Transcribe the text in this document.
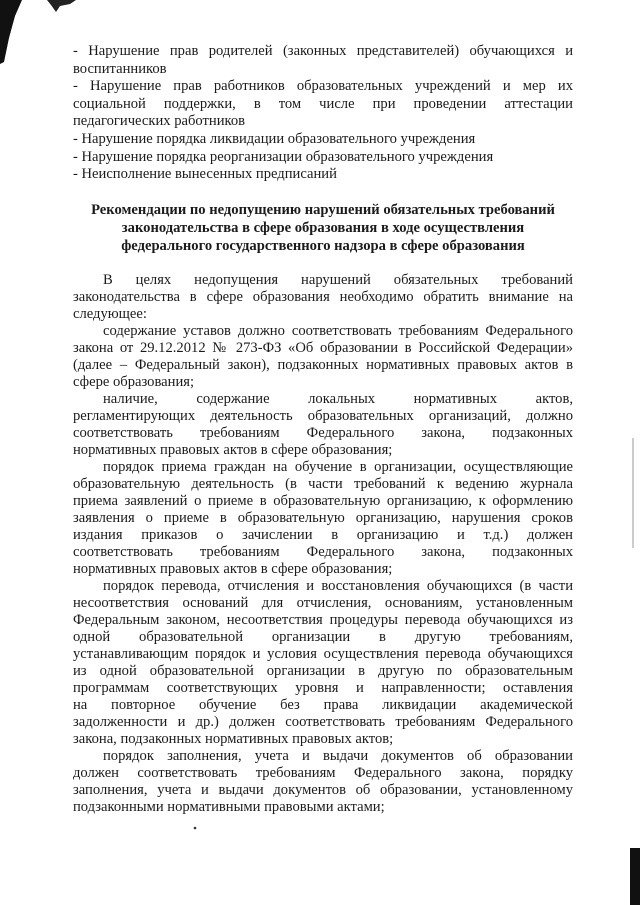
- Нарушение прав родителей (законных представителей) обучающихся и
воспитанников
- Нарушение прав работников образовательных учреждений и мер их
социальной поддержки, в том числе при проведении аттестации
педагогических работников
- Нарушение порядка ликвидации образовательного учреждения
- Нарушение порядка реорганизации образовательного учреждения
- Неисполнение вынесенных предписаний
Рекомендации по недопущению нарушений обязательных требований
законодательства в сфере образования в ходе осуществления
федерального государственного надзора в сфере образования
В целях недопущения нарушений обязательных требований
законодательства в сфере образования необходимо обратить внимание на
следующее:
содержание уставов должно соответствовать требованиям Федерального
закона от 29.12.2012 № 273-ФЗ «Об образовании в Российской Федерации»
(далее – Федеральный закон), подзаконных нормативных правовых актов в
сфере образования;
наличие, содержание локальных нормативных актов,
регламентирующих деятельность образовательных организаций, должно
соответствовать требованиям Федерального закона, подзаконных
нормативных правовых актов в сфере образования;
порядок приема граждан на обучение в организации, осуществляющие
образовательную деятельность (в части требований к ведению журнала
приема заявлений о приеме в образовательную организацию, к оформлению
заявления о приеме в образовательную организацию, нарушения сроков
издания приказов о зачислении в организацию и т.д.) должен
соответствовать требованиям Федерального закона, подзаконных
нормативных правовых актов в сфере образования;
порядок перевода, отчисления и восстановления обучающихся (в части
несоответствия оснований для отчисления, основаниям, установленным
Федеральным законом, несоответствия процедуры перевода обучающихся из
одной образовательной организации в другую требованиям,
устанавливающим порядок и условия осуществления перевода обучающихся
из одной образовательной организации в другую по образовательным
программам соответствующих уровня и направленности; оставления
на повторное обучение без права ликвидации академической
задолженности и др.) должен соответствовать требованиям Федерального
закона, подзаконных нормативных правовых актов;
порядок заполнения, учета и выдачи документов об образовании
должен соответствовать требованиям Федерального закона, порядку
заполнения, учета и выдачи документов об образовании, установленному
подзаконными нормативными правовыми актами;
